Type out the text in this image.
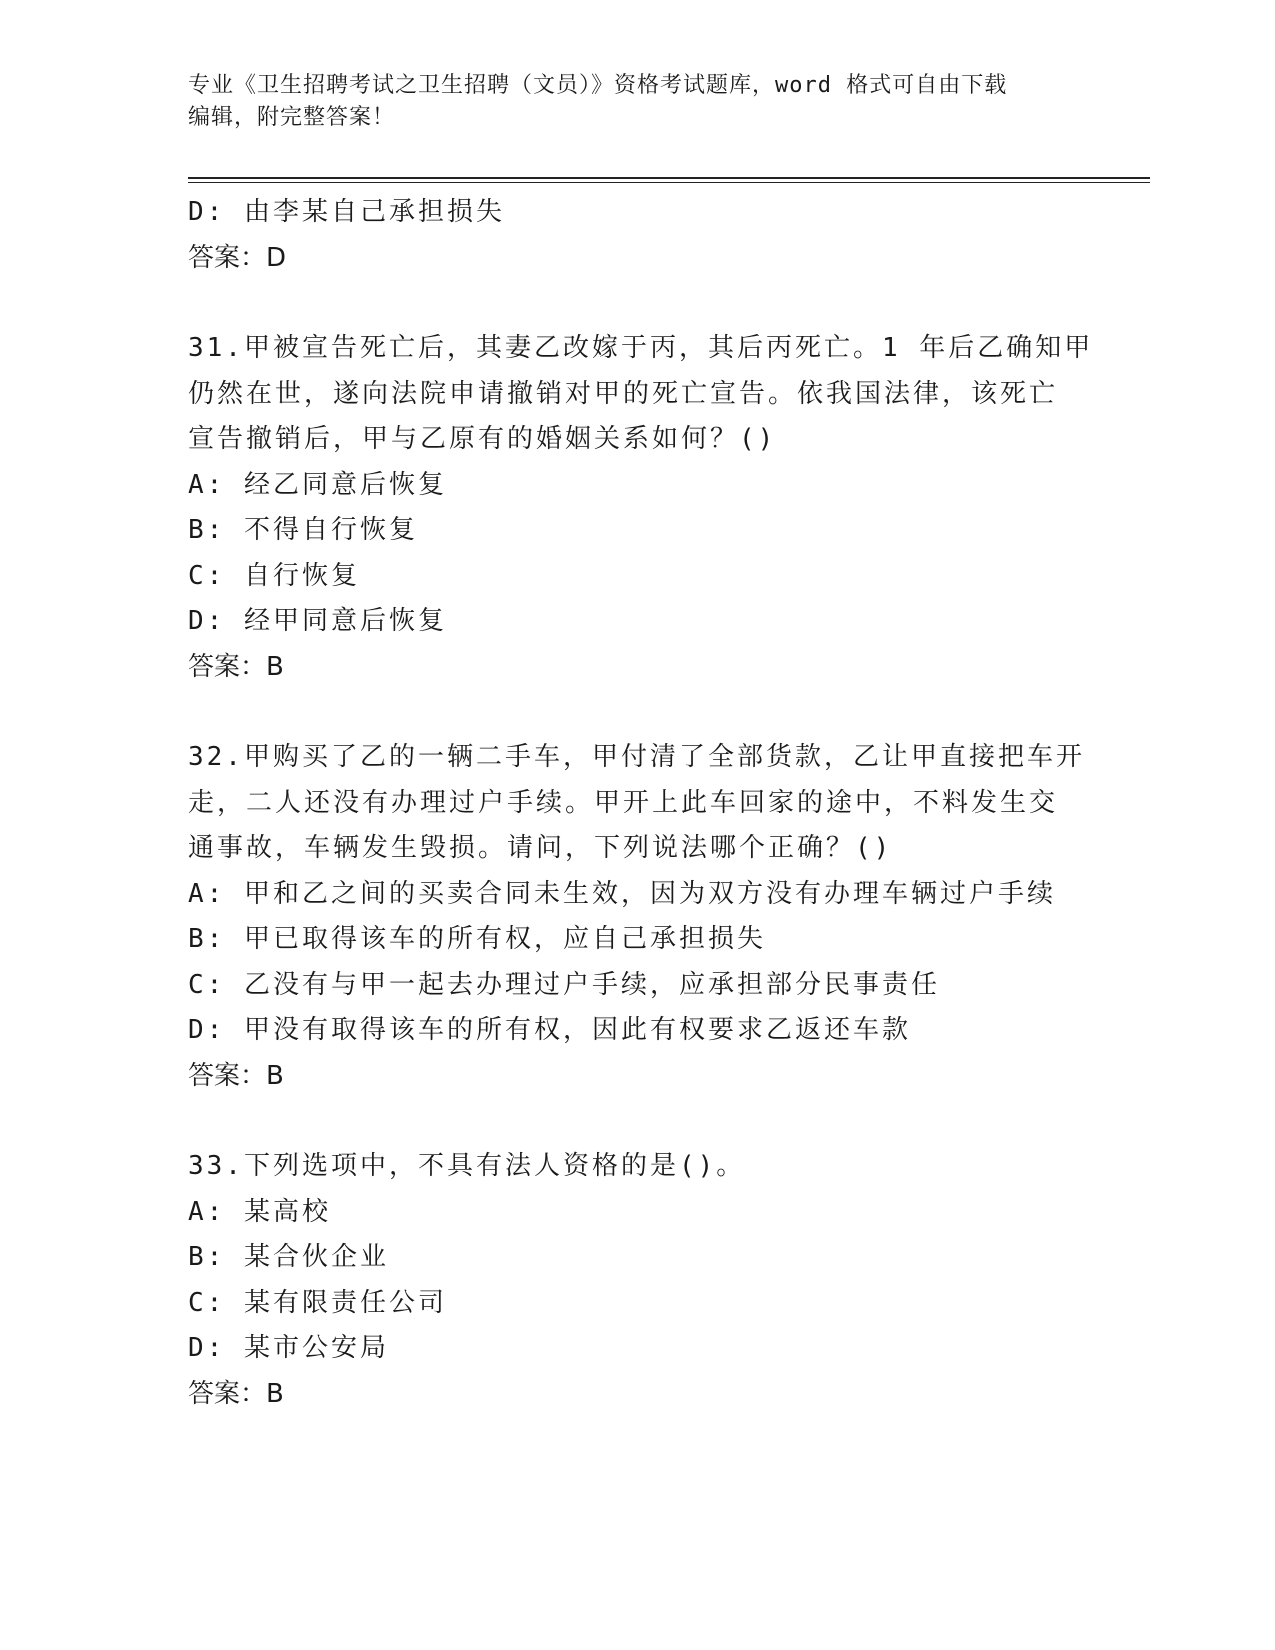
专业《卫生招聘考试之卫生招聘（文员）》资格考试题库，word 格式可自由下载
编辑，附完整答案！
D: 由李某自己承担损失
答案：D
31.甲被宣告死亡后，其妻乙改嫁于丙，其后丙死亡。1 年后乙确知甲
仍然在世，遂向法院申请撤销对甲的死亡宣告。依我国法律，该死亡
宣告撤销后，甲与乙原有的婚姻关系如何？()
A: 经乙同意后恢复
B: 不得自行恢复
C: 自行恢复
D: 经甲同意后恢复
答案：B
32.甲购买了乙的一辆二手车，甲付清了全部货款，乙让甲直接把车开
走，二人还没有办理过户手续。甲开上此车回家的途中，不料发生交
通事故，车辆发生毁损。请问，下列说法哪个正确？()
A: 甲和乙之间的买卖合同未生效，因为双方没有办理车辆过户手续
B: 甲已取得该车的所有权，应自己承担损失
C: 乙没有与甲一起去办理过户手续，应承担部分民事责任
D: 甲没有取得该车的所有权，因此有权要求乙返还车款
答案：B
33.下列选项中，不具有法人资格的是()。
A: 某高校
B: 某合伙企业
C: 某有限责任公司
D: 某市公安局
答案：B
